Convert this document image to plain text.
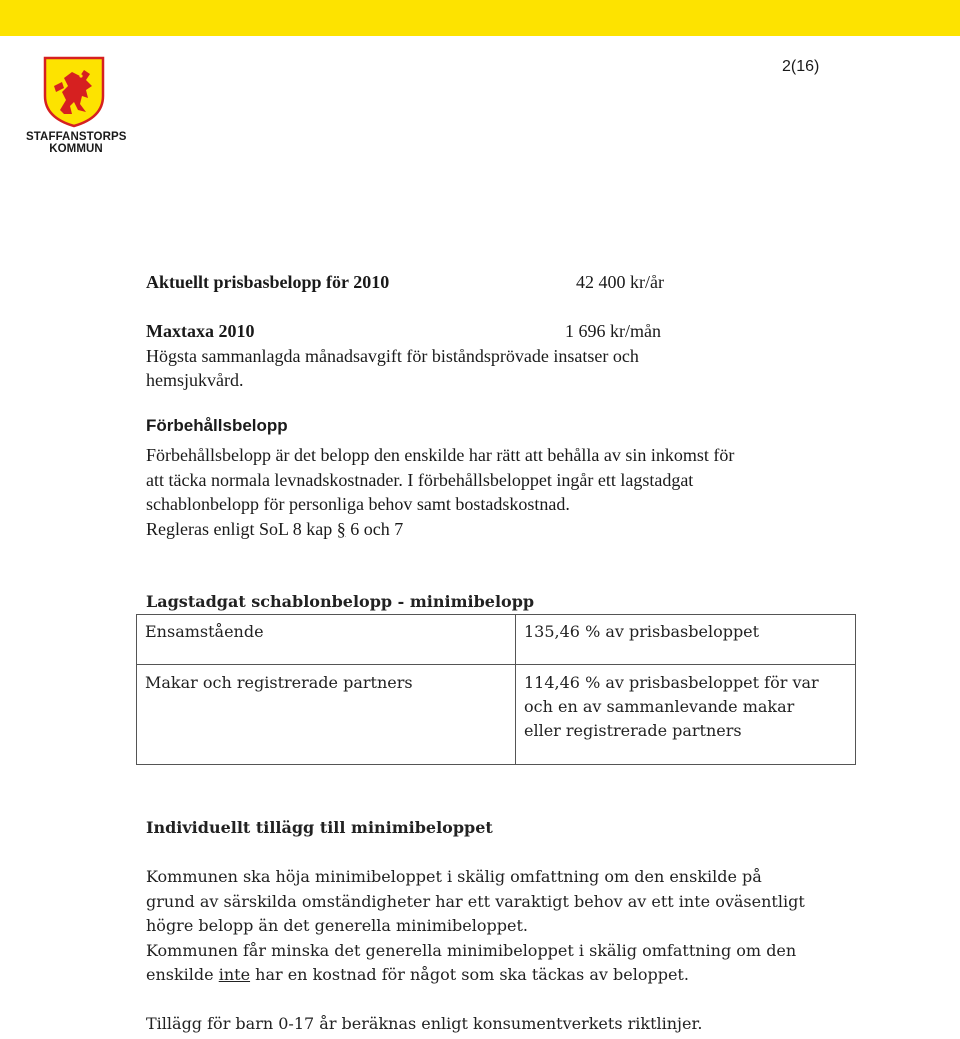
2(16)
STAFFANSTORPS
KOMMUN
Aktuellt prisbasbelopp för 2010	42 400 kr/år
Maxtaxa 2010	1 696 kr/mån
Högsta sammanlagda månadsavgift för biståndsprövade insatser och
hemsjukvård.
Förbehållsbelopp
Förbehållsbelopp är det belopp den enskilde har rätt att behålla av sin inkomst för
att täcka normala levnadskostnader. I förbehållsbeloppet ingår ett lagstadgat
schablonbelopp för personliga behov samt bostadskostnad.
Regleras enligt SoL 8 kap § 6 och 7
Lagstadgat schablonbelopp - minimibelopp
Ensamstående	135,46 % av prisbasbeloppet

Makar och registrerade partners	114,46 % av prisbasbeloppet för var
och en av sammanlevande makar
eller registrerade partners
Individuellt tillägg till minimibeloppet
Kommunen ska höja minimibeloppet i skälig omfattning om den enskilde på
grund av särskilda omständigheter har ett varaktigt behov av ett inte oväsentligt
högre belopp än det generella minimibeloppet.
Kommunen får minska det generella minimibeloppet i skälig omfattning om den
enskilde inte har en kostnad för något som ska täckas av beloppet.
Tillägg för barn 0-17 år beräknas enligt konsumentverkets riktlinjer.
